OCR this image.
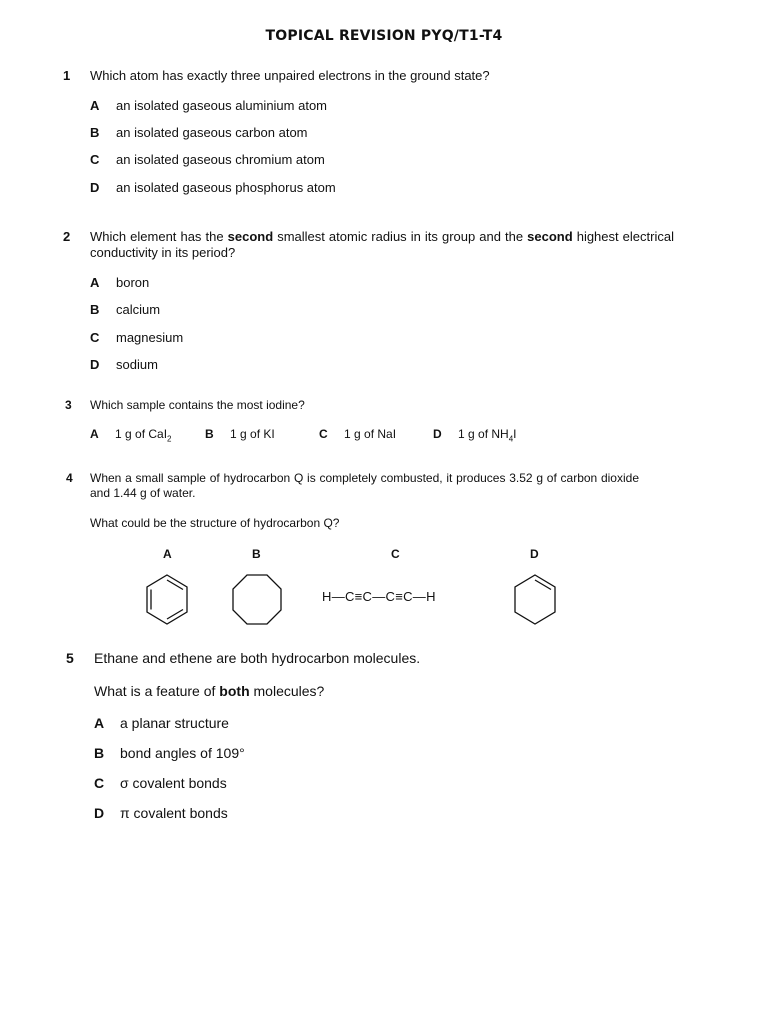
TOPICAL REVISION PYQ/T1-T4
1 Which atom has exactly three unpaired electrons in the ground state?
A an isolated gaseous aluminium atom
B an isolated gaseous carbon atom
C an isolated gaseous chromium atom
D an isolated gaseous phosphorus atom
2 Which element has the second smallest atomic radius in its group and the second highest electrical conductivity in its period?
A boron
B calcium
C magnesium
D sodium
3 Which sample contains the most iodine?
A 1 g of CaI$_2$	B 1 g of KI	C 1 g of NaI	D 1 g of $NH_4I$
4 When a small sample of hydrocarbon Q is completely combusted, it produces 3.52 g of carbon dioxide and 1.44 g of water.
What could be the structure of hydrocarbon Q?
A	B	C	D
H—C≡C—C≡C—H
5 Ethane and ethene are both hydrocarbon molecules.
What is a feature of both molecules?
A a planar structure
B bond angles of 109°
C σ covalent bonds
D π covalent bonds
